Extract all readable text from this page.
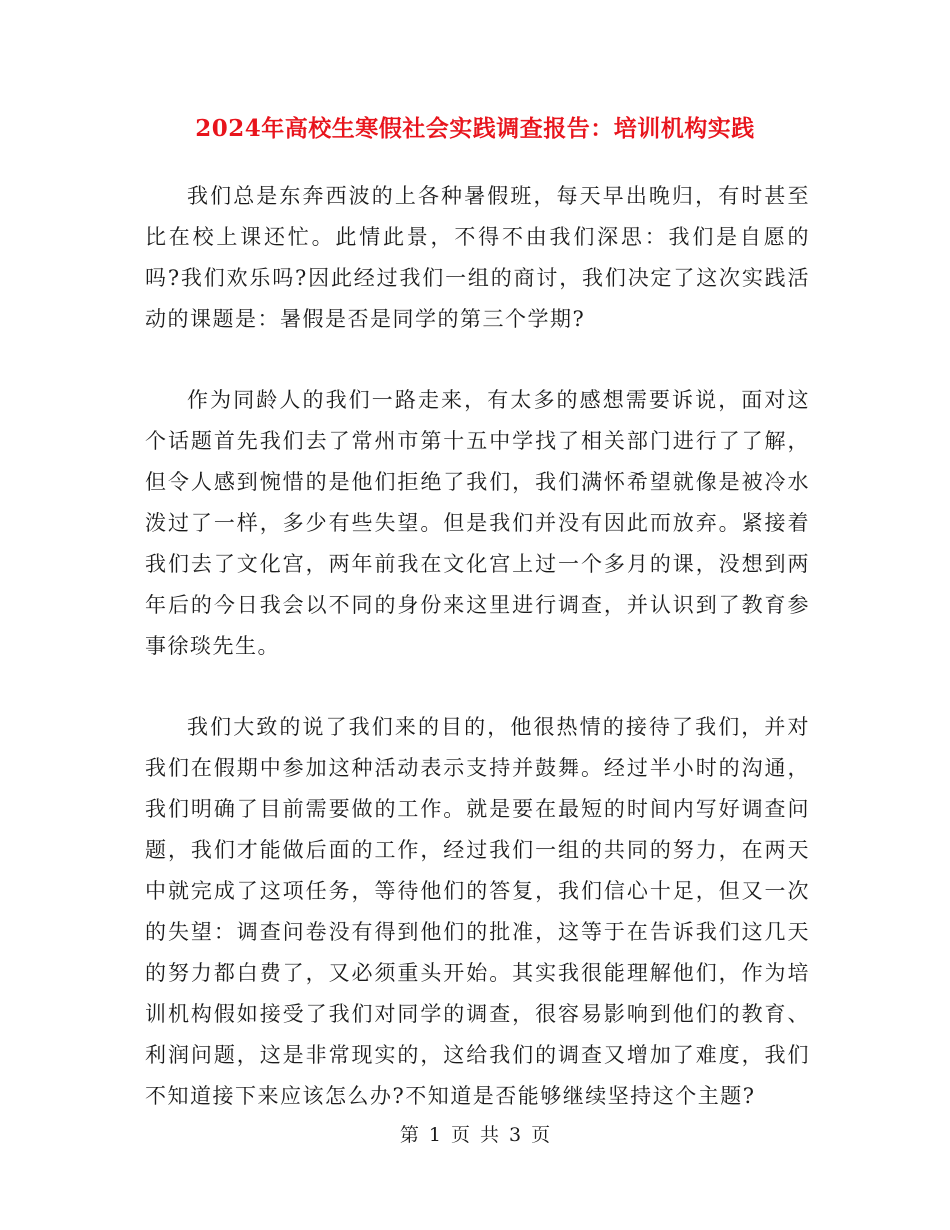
2024年高校生寒假社会实践调查报告：培训机构实践

我们总是东奔西波的上各种暑假班，每天早出晚归，有时甚至比在校上课还忙。此情此景，不得不由我们深思：我们是自愿的吗?我们欢乐吗?因此经过我们一组的商讨，我们决定了这次实践活动的课题是：暑假是否是同学的第三个学期?

作为同龄人的我们一路走来，有太多的感想需要诉说，面对这个话题首先我们去了常州市第十五中学找了相关部门进行了了解，但令人感到惋惜的是他们拒绝了我们，我们满怀希望就像是被冷水泼过了一样，多少有些失望。但是我们并没有因此而放弃。紧接着我们去了文化宫，两年前我在文化宫上过一个多月的课，没想到两年后的今日我会以不同的身份来这里进行调查，并认识到了教育参事徐琰先生。

我们大致的说了我们来的目的，他很热情的接待了我们，并对我们在假期中参加这种活动表示支持并鼓舞。经过半小时的沟通，我们明确了目前需要做的工作。就是要在最短的时间内写好调查问题，我们才能做后面的工作，经过我们一组的共同的努力，在两天中就完成了这项任务，等待他们的答复，我们信心十足，但又一次的失望：调查问卷没有得到他们的批准，这等于在告诉我们这几天的努力都白费了，又必须重头开始。其实我很能理解他们，作为培训机构假如接受了我们对同学的调查，很容易影响到他们的教育、利润问题，这是非常现实的，这给我们的调查又增加了难度，我们不知道接下来应该怎么办?不知道是否能够继续坚持这个主题?

第 1 页 共 3 页
